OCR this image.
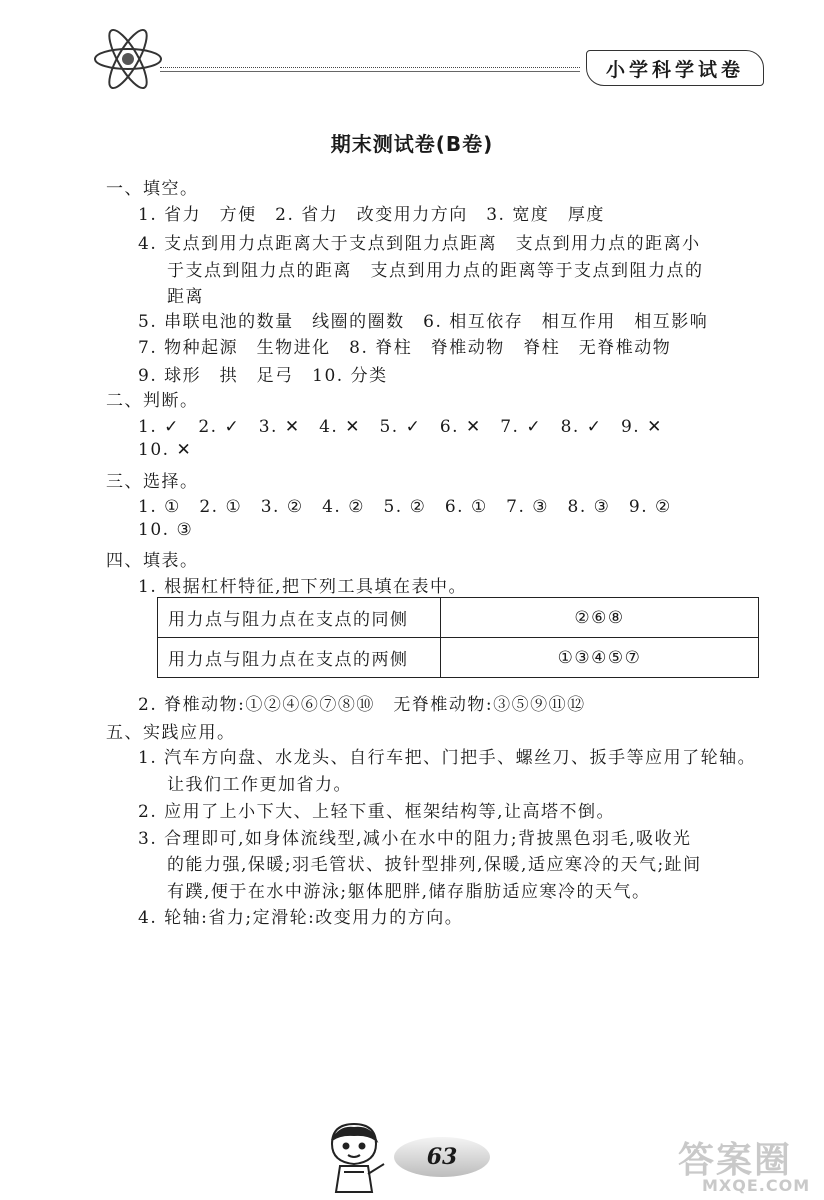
小学科学试卷
期末测试卷(B卷)
一、填空。
1. 省力　方便　2. 省力　改变用力方向　3. 宽度　厚度
4. 支点到用力点距离大于支点到阻力点距离　支点到用力点的距离小
于支点到阻力点的距离　支点到用力点的距离等于支点到阻力点的
距离
5. 串联电池的数量　线圈的圈数　6. 相互依存　相互作用　相互影响
7. 物种起源　生物进化　8. 脊柱　脊椎动物　脊柱　无脊椎动物
9. 球形　拱　足弓　10. 分类
二、判断。
1. ✓　2. ✓　3. ✕　4. ✕　5. ✓　6. ✕　7. ✓　8. ✓　9. ✕
10. ✕
三、选择。
1. ①　2. ①　3. ②　4. ②　5. ②　6. ①　7. ③　8. ③　9. ②
10. ③
四、填表。
1. 根据杠杆特征,把下列工具填在表中。
用力点与阻力点在支点的同侧	②⑥⑧
用力点与阻力点在支点的两侧	①③④⑤⑦
2. 脊椎动物:①②④⑥⑦⑧⑩　无脊椎动物:③⑤⑨⑪⑫
五、实践应用。
1. 汽车方向盘、水龙头、自行车把、门把手、螺丝刀、扳手等应用了轮轴。
让我们工作更加省力。
2. 应用了上小下大、上轻下重、框架结构等,让高塔不倒。
3. 合理即可,如身体流线型,减小在水中的阻力;背披黑色羽毛,吸收光
的能力强,保暖;羽毛管状、披针型排列,保暖,适应寒冷的天气;趾间
有蹼,便于在水中游泳;躯体肥胖,储存脂肪适应寒冷的天气。
4. 轮轴:省力;定滑轮:改变用力的方向。
63	答案圈
MXQE.COM
